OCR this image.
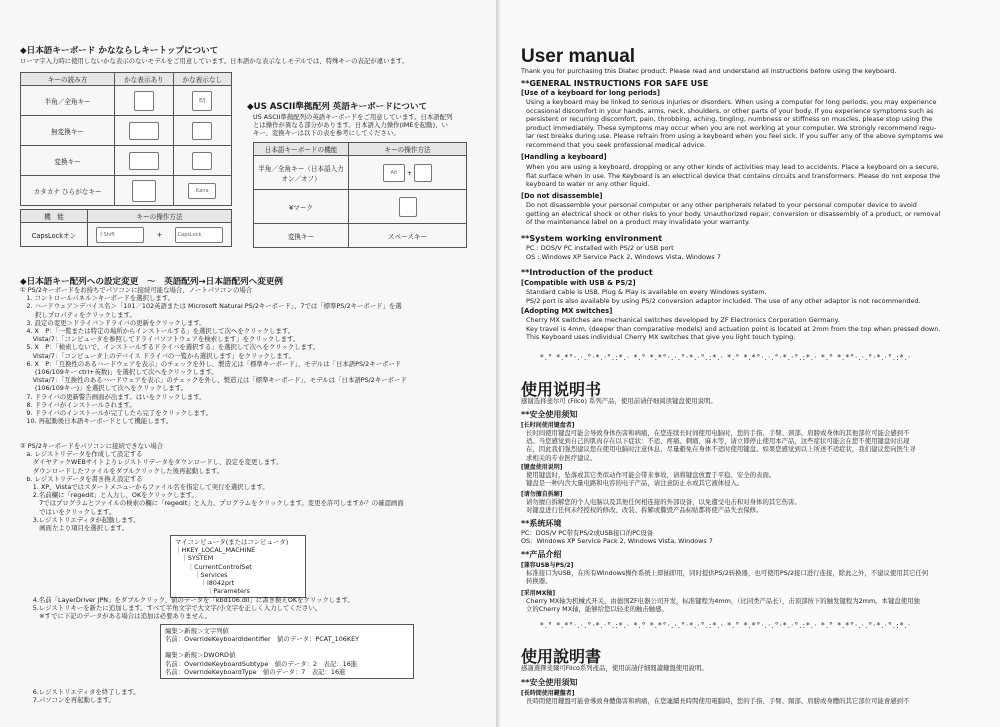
◆日本語キーボード かなならしキートップについて
ローマ字入力時に使用しないかな表示のないモデルをご用意しています。日本語かな表示なしモデルでは、特殊キーの表記が違います。
キーの読み方	かな表示あり	かな表示なし
半角／全角キー		E/J
無変換キー		
変換キー		
カタカナ ひらがなキー		Kana
機　能	キーの操作方法		
CapsLockオン	⇧Shift	+	CapsLock
◆US ASCII準拠配列 英語キーボードについて
US ASCII準拠配列の英語キーボードをご用意しています。日本語配列
とは操作が異なる部分があります。日本語入力操作(IMEを起動)、い
キー、変換キーは以下の表を参考にしてください。
日本語キーボードの機能	キーの操作方法
半角／全角キー（日本語入力オン／オフ）	Alt +
¥マーク	
変換キー	スペースキー
◆日本語キー配列への設定変更　～　英語配列→日本語配列へ変更例
① PS/2キーボードをお持ちでパソコンに接続可能な場合、ノートパソコンの場合
　1. コントロールパネル＞キーボードを選択します。
　2. ハードウェア＞デバイス名＞「101／102英語または Microsoft Natural PS/2キーボード」、7では「標準PS/2キーボード」を選
　　 択しプロパティをクリックします。
　3. 設定の変更＞ドライバ＞ドライバの更新をクリックします。
　4. X　P：「一覧または特定の場所からインストールする」を選択して次へをクリックします。
　　Vista/7：「コンピュータを参照してドライバソフトウェアを検索します」をクリックします。
　5. X　P：「検索しないで、インストールするドライバを選択する」を選択して次へをクリックします。
　　Vista/7：「コンピュータ上のデバイス ドライバの一覧から選択します」をクリックします。
　6. X　P：「互換性のあるハードウェアを表示」のチェックを外し、製造元は「標準キーボード」、モデルは「日本語PS/2キーボード
　　 (106/109キー ctrl+英数)」を選択して次へをクリックします。
　　Vista/7：「互換性のあるハードウェアを表示」のチェックを外し、製造元は「標準キーボード」、モデルは「日本語PS/2キーボード
　　 (106/109キー)」を選択して次へをクリックします。
　7. ドライバの更新警告画面が出ます。はいをクリックします。
　8. ドライバがインストールされます。
　9. ドライバのインストールが完了したら完了をクリックします。
　10. 再起動後日本語キーボードとして機能します。
② PS/2キーボードをパソコンに接続できない場合
　a. レジストリデータを作成して設定する
　　ダイヤテックWEBサイトよりレジストリデータをダウンロードし、設定を変更します。
　　ダウンロードしたファイルをダブルクリックした後再起動します。
　b. レジストリデータを書き換え設定する
　　1. XP、Vistaではスタートメニューからファイル名を指定して実行を選択します。
　　2.名前欄に「regedit」と入力し、OKをクリックします。
　　　7ではプログラムとファイルの検索の欄に「regedit」と入力、プログラムをクリックします。変更を許可しますか？の確認画面
　　　ではいをクリックします。
　　3.レジストリエディタが起動します。
　　　画面左より項目を選択します。
マイコンピュータ(またはコンピュータ)
｜HKEY_LOCAL_MACHINE
　｜SYSTEM
　　｜CurrentControlSet
　　　｜Services
　　　　｜i8042prt
　　　　　｜Parameters
　　4.名前「LayerDriver JPN」をダブルクリック、値のデータを「kbd106.dll」に書き換えOKをクリックします。
　　5.レジストリキーを新たに追加します。すべて半角文字で大文字/小文字を正しく入力してください。
　　　※すでに下記のデータがある場合は追加は必要ありません。
編集＞新規＞文字列値
名前：OverrideKeyboardIdentifier　値のデータ：PCAT_106KEY
編集＞新規＞DWORD値
名前：OverrideKeyboardSubtype　値のデータ：2　表記：16進
名前：OverrideKeyboardType　値のデータ：7　表記：16進
　　6.レジストリエディタを終了します。
　　7.パソコンを再起動します。
User manual
Thank you for purchasing this Diatec product. Please read and understand all instructions before using the keyboard.
**GENERAL INSTRUCTIONS FOR SAFE USE
[Use of a keyboard for long periods]
Using a keyboard may be linked to serious injuries or disorders. When using a computer for long periods, you may experience
occasional discomfort in your hands, arms, neck, shoulders, or other parts of your body. If you experience symptoms such as
persistent or recurring discomfort, pain, throbbing, aching, tingling, numbness or stiffness on muscles, please stop using the
product immediately. These symptoms may occur when you are not working at your computer. We strongly recommend regu-
lar rest breaks during use. Please refrain from using a keyboard when you feel sick. If you suffer any of the above symptoms we
recommend that you seek professional medical advice.
[Handling a keyboard]
When you are using a keyboard, dropping or any other kinds of activities may lead to accidents. Place a keyboard on a secure,
flat surface when in use. The Keyboard is an electrical device that contains circuits and transformers. Please do not expose the
keyboard to water or any other liquid.
[Do not disassemble]
Do not disassemble your personal computer or any other peripherals related to your personal computer device to avoid
getting an electrical shock or other risks to your body. Unauthorized repair, conversion or disassembly of a product, or removal
of the maintenance label on a product may invalidate your warranty.
**System working environment
PC : DOS/V PC installed with PS/2 or USB port
OS : Windows XP Service Pack 2, Windows Vista, Windows 7
**Introduction of the product
[Compatible with USB & PS/2]
Standard cable is USB, Plug & Play is available on every Windows system.
PS/2 port is also available by using PS/2 conversion adaptor included. The use of any other adaptor is not recommended.
[Adopting MX switches]
Cherry MX switches are mechanical switches developed by ZF Electronics Corporation Germany.
Key travel is 4mm, (deeper than comparative models) and actuation point is located at 2mm from the top when pressed down.
This Keyboard uses individual Cherry MX switches that give you light touch typing.
*.° *.*°·.·.°·*.·°.:*.· *.° *.*°·.·.°·*.·°.:*.· *.° *.*°·.·.°·*.·°.:*.· *.° *.*°·.·.°·*.·°.:*.·
使用说明书
感谢选择斐尔可 (Filco) 系列产品，使用前请仔细阅读键盘使用说明。
**安全使用须知
[长时间使用键盘者]
长时间使用键盘可能会导致身体伤害和病痛，在您连续长时间使用电脑时，您的手指、手臂、颈部、肩膀或身体的其他部位可能会感到不
适。当您感觉到自己的肌肉存在以下症状：不适、疼痛、刺痛、麻木等，请立即停止使用本产品，这些症状可能会在您不使用键盘时出现
在，因此我们强烈建议您在使用电脑时注意休息，尽量避免在身体不适时使用键盘。如果您感觉到以上所述不适症状，我们建议您向医生寻
求相关的专业医疗建议。
[键盘使用说明]
使用键盘时，坠落或其它类似动作可能会带来事故，请将键盘放置于平稳、安全的表面。
键盘是一种内含大量电路和电容的电子产品，请注意防止水或其它液体侵入。
[请勿擅自拆解]
请勿擅自拆解您的个人电脑以及其他任何相连接的外部设备，以免遭受电击和对身体的其它伤害。
对键盘进行任何未经授权的修改、改装、拆解或撕毁产品标贴都将使产品失去保修。
**系统环境
PC：DOS/V PC带有PS/2或USB接口的PC设备
OS：Windows XP Service Pack 2, Windows Vista, Windows 7
**产品介绍
[兼容USB与PS/2]
标准接口为USB，在所有Windows操作系统上即插即用，同时提供PS/2转换器，也可使用PS/2接口进行连接，除此之外，不建议使用其它任何
转换器。
[采用MX轴]
Cherry MX轴为机械式开关，由德国ZF电器公司开发，标准键程为4mm，（比同类产品长），击顶部按下的触发键程为2mm。本键盘使用独
立的Cherry MX轴，能够给您以轻柔的触击触感。
*.° *.*°·.·.°·*.·°.:*.· *.° *.*°·.·.°·*.·°.:*.· *.° *.*°·.·.°·*.·°.:*.· *.° *.*°·.·.°·*.·°.:*.·
使用說明書
感謝選擇斐爾可Filco系列產品，使用前請仔細閱讀鍵盤使用說明。
**安全使用須知
[長時間使用鍵盤者]
長時間使用鍵盤可能會導致身體傷害和病痛，在您連續長時間使用電腦時，您的手指、手臂、頸部、肩膀或身體的其它部位可能會感到不
